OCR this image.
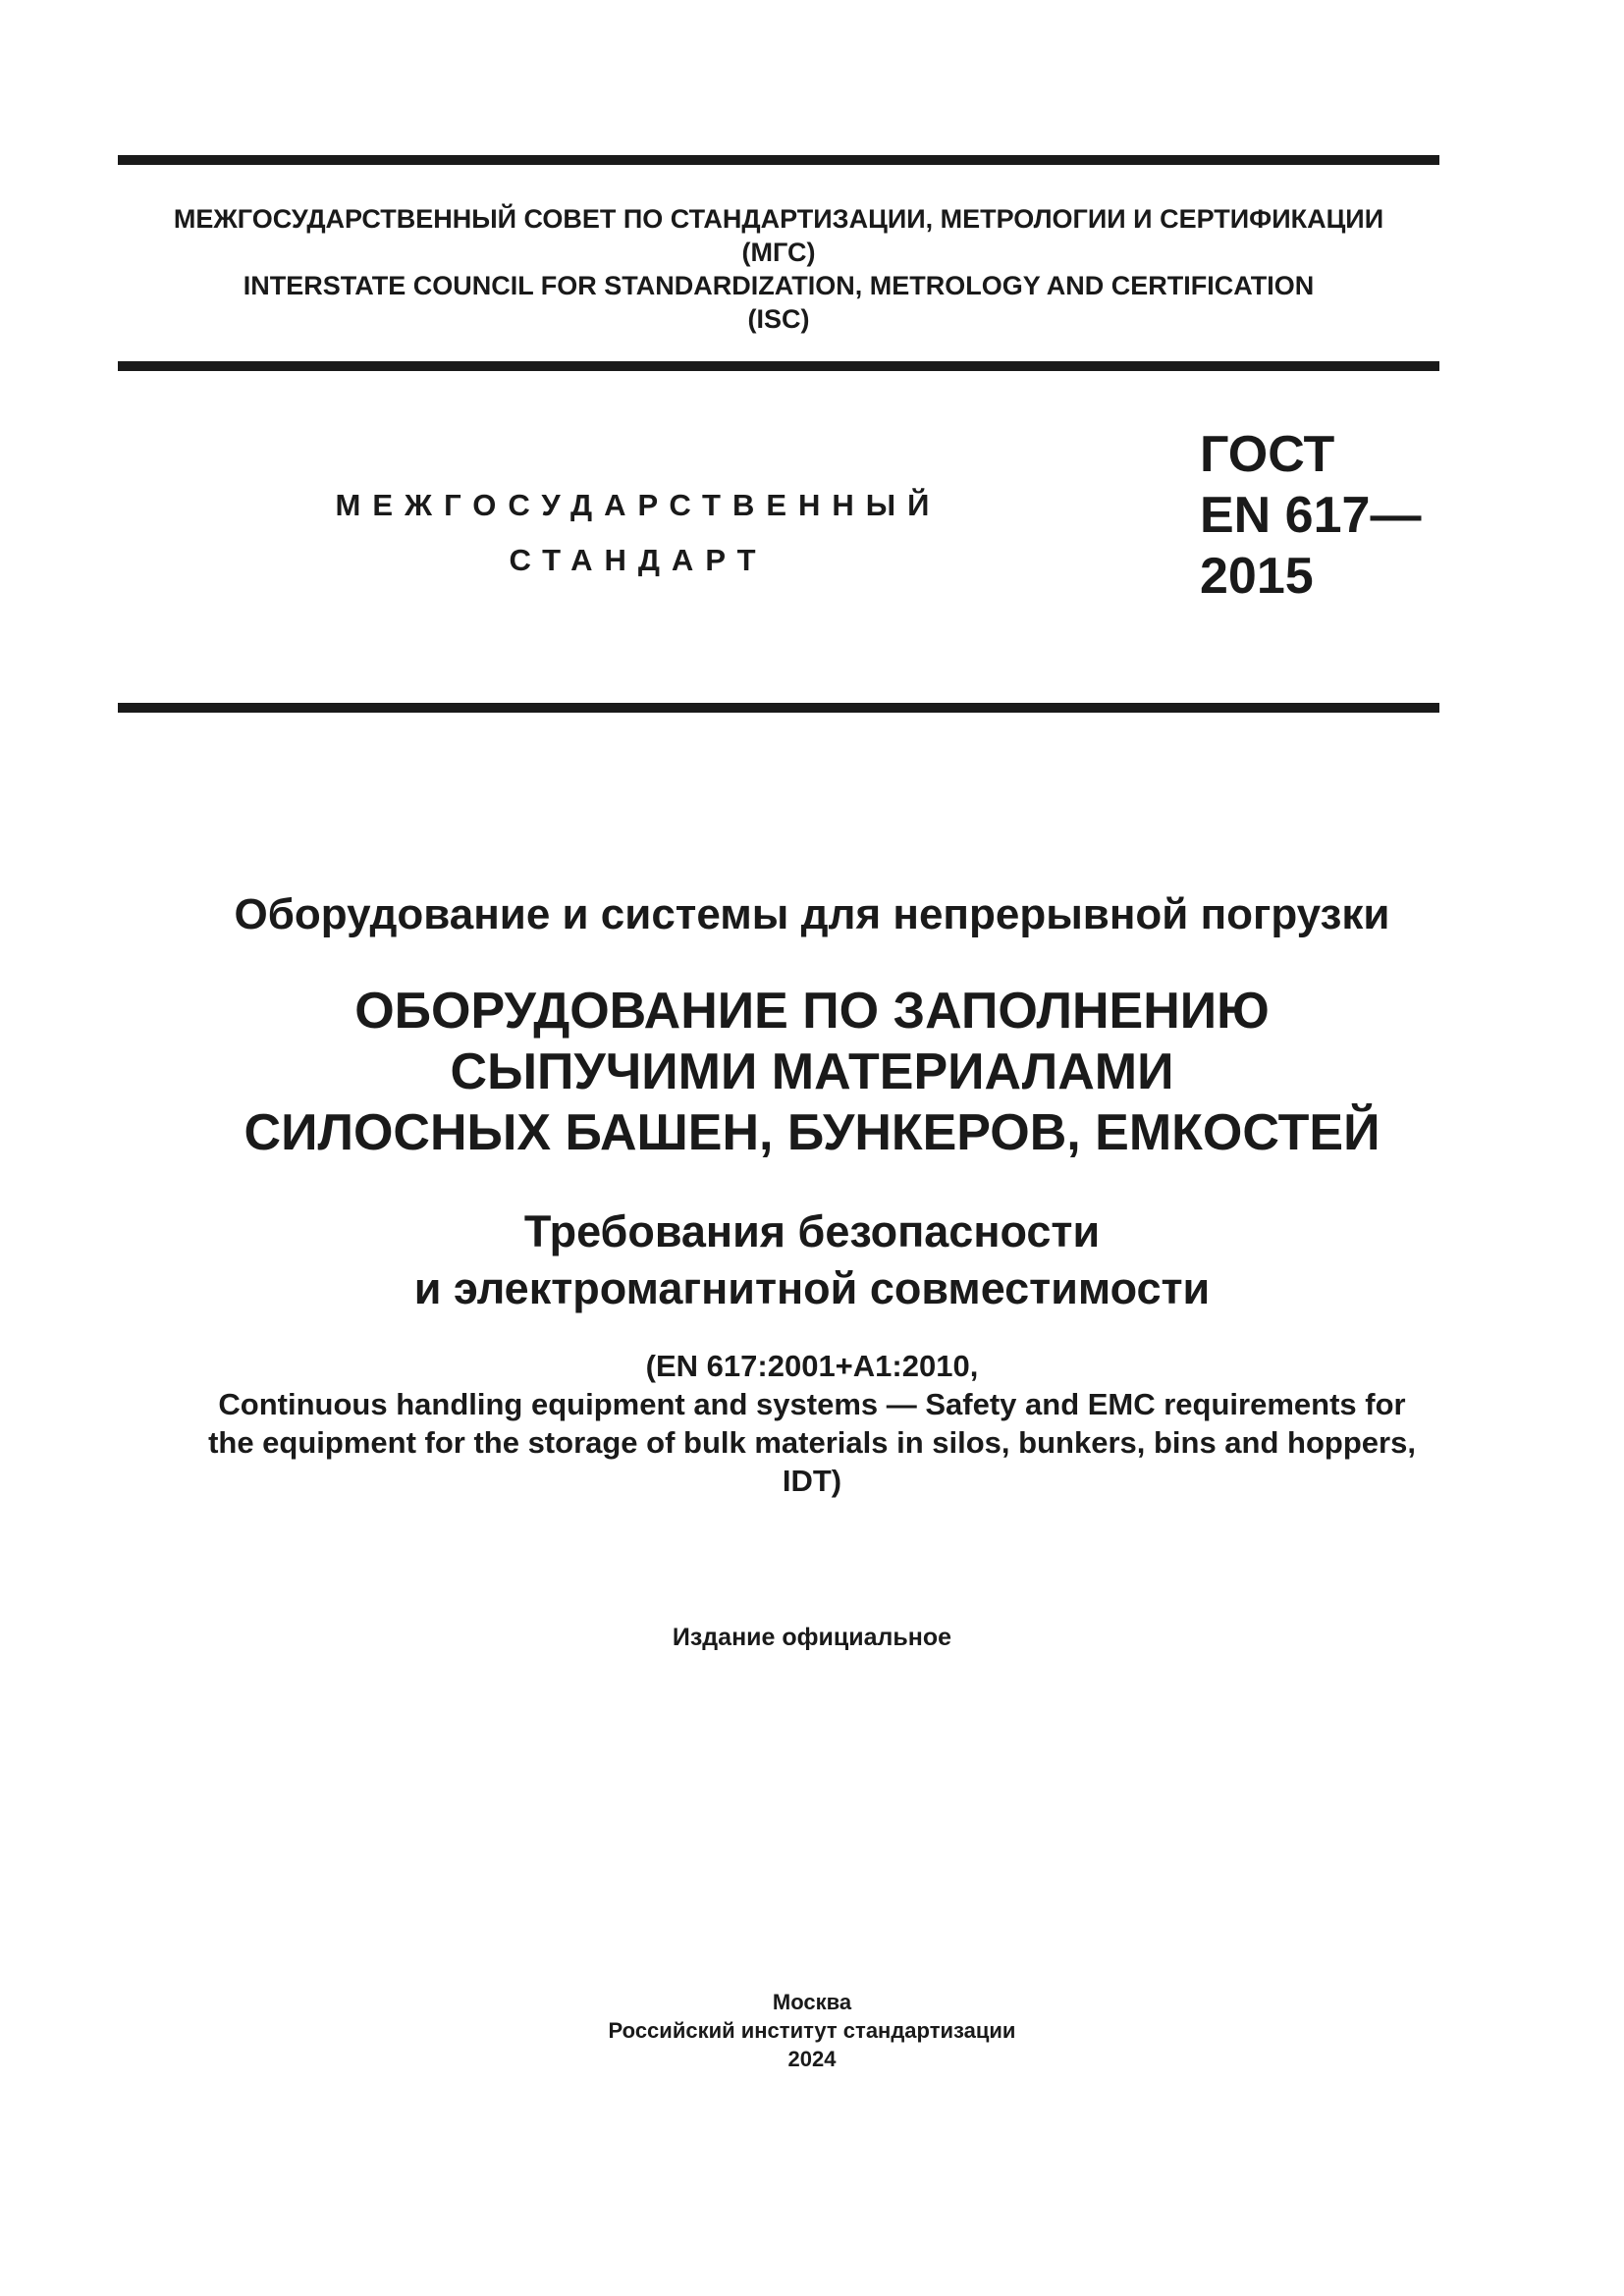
МЕЖГОСУДАРСТВЕННЫЙ СОВЕТ ПО СТАНДАРТИЗАЦИИ, МЕТРОЛОГИИ И СЕРТИФИКАЦИИ
(МГС)
INTERSTATE COUNCIL FOR STANDARDIZATION, METROLOGY AND CERTIFICATION
(ISC)
МЕЖГОСУДАРСТВЕННЫЙ
СТАНДАРТ
ГОСТ
EN 617—
2015
Оборудование и системы для непрерывной погрузки
ОБОРУДОВАНИЕ ПО ЗАПОЛНЕНИЮ
СЫПУЧИМИ МАТЕРИАЛАМИ
СИЛОСНЫХ БАШЕН, БУНКЕРОВ, ЕМКОСТЕЙ
Требования безопасности
и электромагнитной совместимости
(EN 617:2001+A1:2010,
Continuous handling equipment and systems — Safety and EMC requirements for
the equipment for the storage of bulk materials in silos, bunkers, bins and hoppers,
IDT)
Издание официальное
Москва
Российский институт стандартизации
2024
